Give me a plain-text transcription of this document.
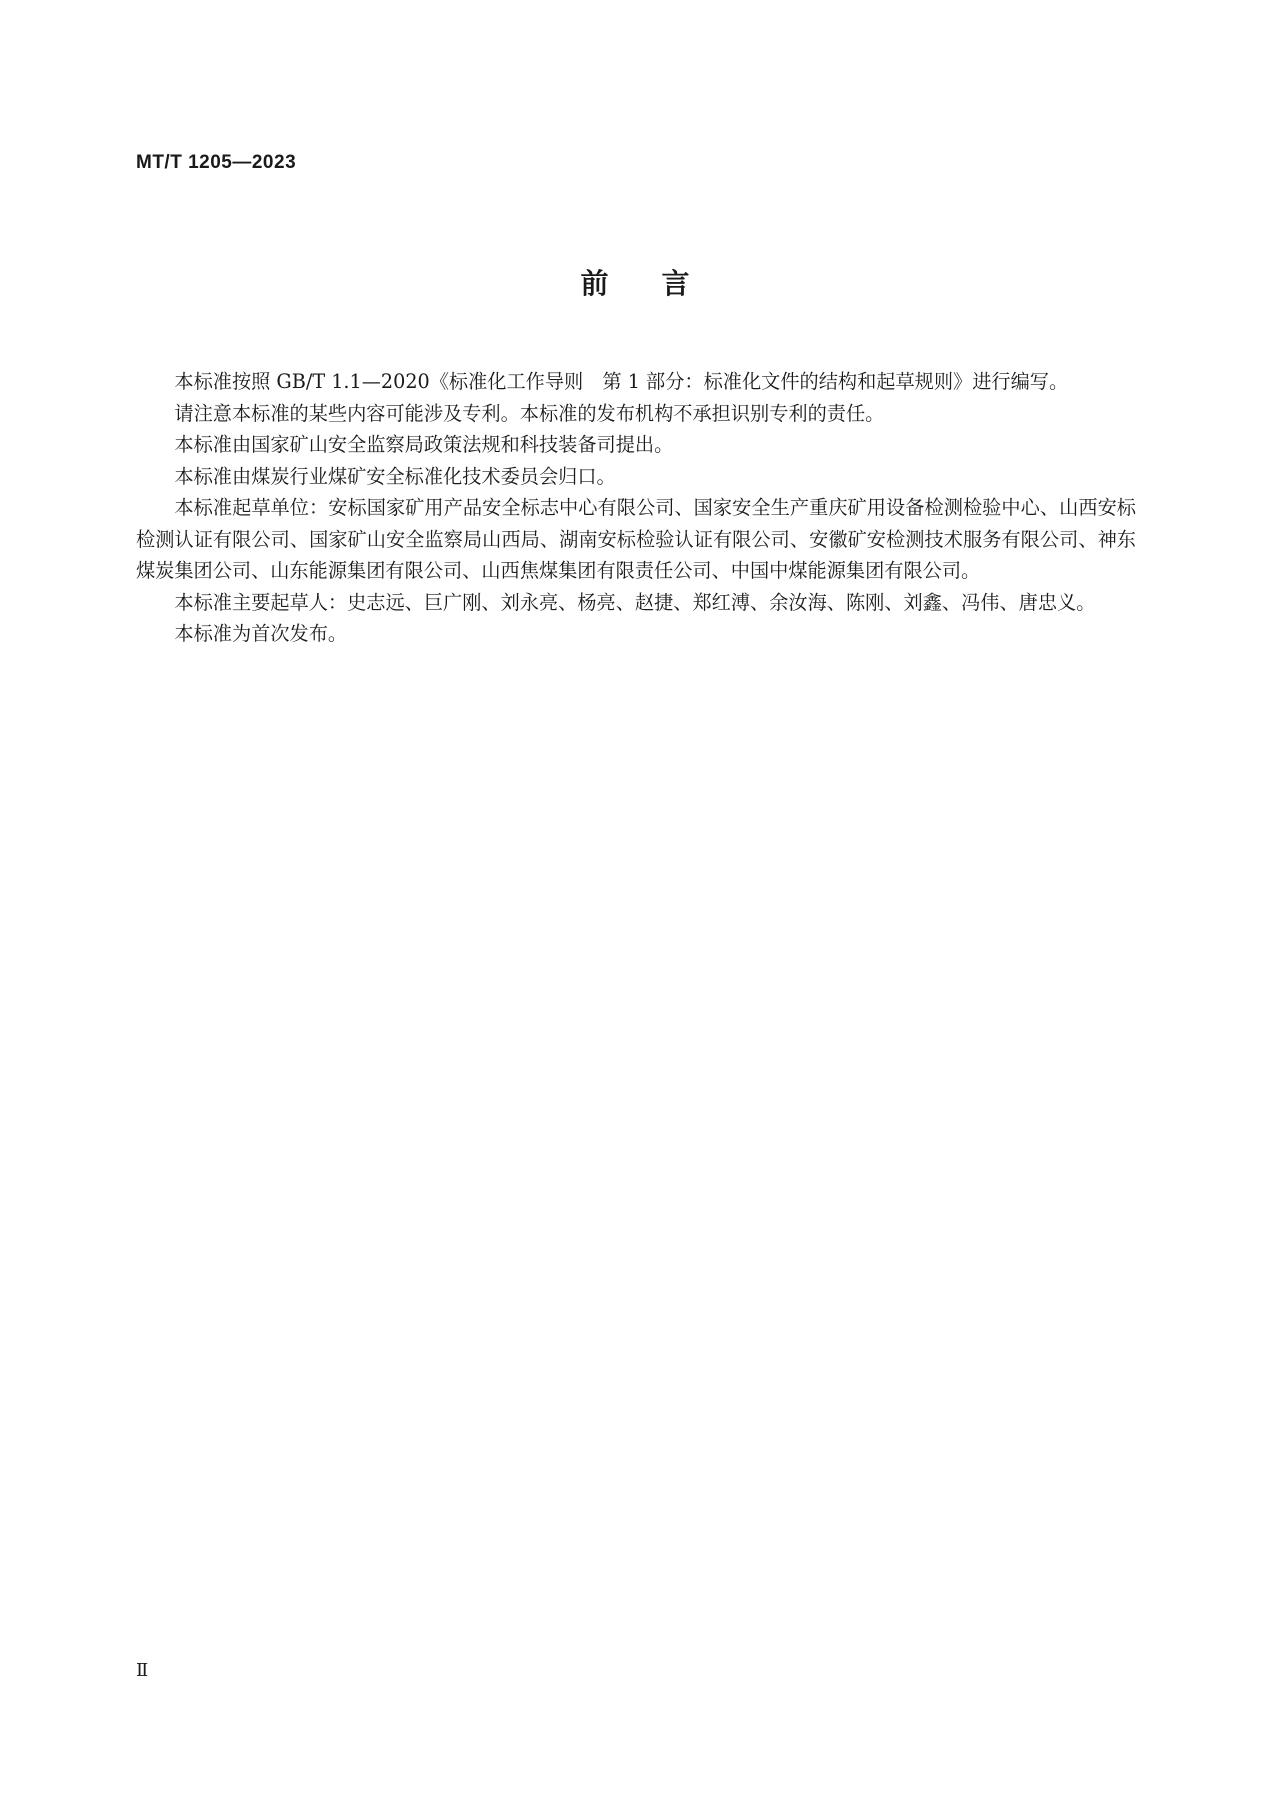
MT/T 1205—2023
前 言

本标准按照 GB/T 1.1—2020《标准化工作导则　第 1 部分：标准化文件的结构和起草规则》进行编写。

请注意本标准的某些内容可能涉及专利。本标准的发布机构不承担识别专利的责任。

本标准由国家矿山安全监察局政策法规和科技装备司提出。

本标准由煤炭行业煤矿安全标准化技术委员会归口。

本标准起草单位：安标国家矿用产品安全标志中心有限公司、国家安全生产重庆矿用设备检测检验中心、山西安标检测认证有限公司、国家矿山安全监察局山西局、湖南安标检验认证有限公司、安徽矿安检测技术服务有限公司、神东煤炭集团公司、山东能源集团有限公司、山西焦煤集团有限责任公司、中国中煤能源集团有限公司。

本标准主要起草人：史志远、巨广刚、刘永亮、杨亮、赵捷、郑红溥、余汝海、陈刚、刘鑫、冯伟、唐忠义。

本标准为首次发布。

Ⅱ
